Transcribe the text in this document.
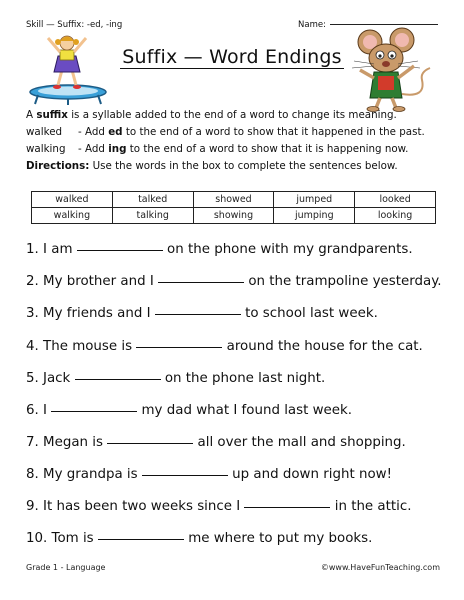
Skill — Suffix: -ed, -ing	Name:
Suffix — Word Endings
A suffix is a syllable added to the end of a word to change its meaning.
walked - Add ed to the end of a word to show that it happened in the past.
walking - Add ing to the end of a word to show that it is happening now.
Directions: Use the words in the box to complete the sentences below.
walked	talked	showed	jumped	looked
walking	talking	showing	jumping	looking
1. I am	on the phone with my grandparents.
2. My brother and I	on the trampoline yesterday.
3. My friends and I	to school last week.
4. The mouse is	around the house for the cat.
5. Jack	on the phone last night.
6. I	my dad what I found last week.
7. Megan is	all over the mall and shopping.
8. My grandpa is	up and down right now!
9. It has been two weeks since I	in the attic.
10. Tom is	me where to put my books.
Grade 1 - Language	©www.HaveFunTeaching.com
